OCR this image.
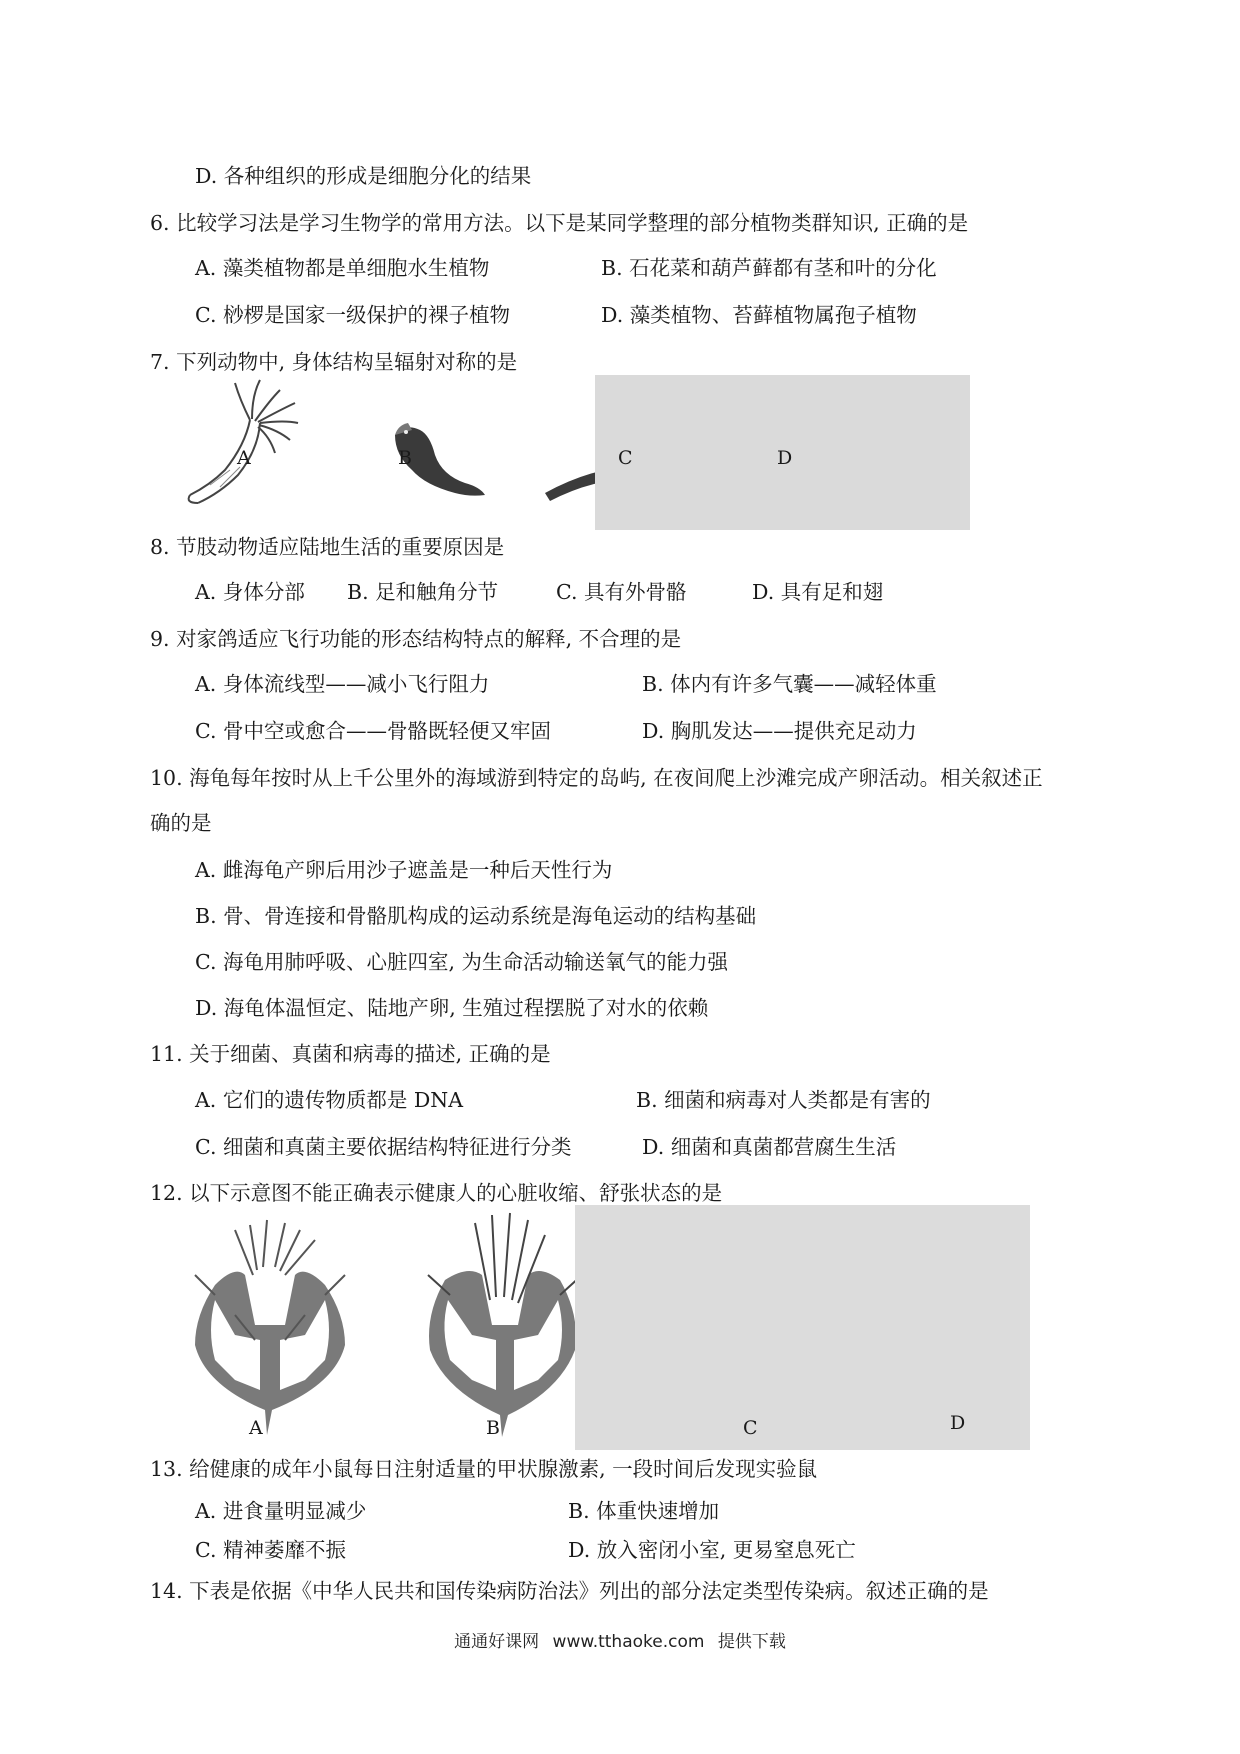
D. 各种组织的形成是细胞分化的结果
6. 比较学习法是学习生物学的常用方法。以下是某同学整理的部分植物类群知识, 正确的是
A. 藻类植物都是单细胞水生植物	B. 石花菜和葫芦藓都有茎和叶的分化
C. 桫椤是国家一级保护的裸子植物	D. 藻类植物、苔藓植物属孢子植物
7. 下列动物中, 身体结构呈辐射对称的是
A	B	C	D
8. 节肢动物适应陆地生活的重要原因是
A. 身体分部 B. 足和触角分节	C. 具有外骨骼	D. 具有足和翅
9. 对家鸽适应飞行功能的形态结构特点的解释, 不合理的是
A. 身体流线型——减小飞行阻力	B. 体内有许多气囊——减轻体重
C. 骨中空或愈合——骨骼既轻便又牢固	D. 胸肌发达——提供充足动力
10. 海龟每年按时从上千公里外的海域游到特定的岛屿, 在夜间爬上沙滩完成产卵活动。相关叙述正
确的是
A. 雌海龟产卵后用沙子遮盖是一种后天性行为
B. 骨、骨连接和骨骼肌构成的运动系统是海龟运动的结构基础
C. 海龟用肺呼吸、心脏四室, 为生命活动输送氧气的能力强
D. 海龟体温恒定、陆地产卵, 生殖过程摆脱了对水的依赖
11. 关于细菌、真菌和病毒的描述, 正确的是
A. 它们的遗传物质都是 DNA	B. 细菌和病毒对人类都是有害的
C. 细菌和真菌主要依据结构特征进行分类	D. 细菌和真菌都营腐生生活
12. 以下示意图不能正确表示健康人的心脏收缩、舒张状态的是
A	B	C	D
13. 给健康的成年小鼠每日注射适量的甲状腺激素, 一段时间后发现实验鼠
A. 进食量明显减少	B. 体重快速增加
C. 精神萎靡不振	D. 放入密闭小室, 更易窒息死亡
14. 下表是依据《中华人民共和国传染病防治法》列出的部分法定类型传染病。叙述正确的是
通通好课网 www.tthaoke.com 提供下载
